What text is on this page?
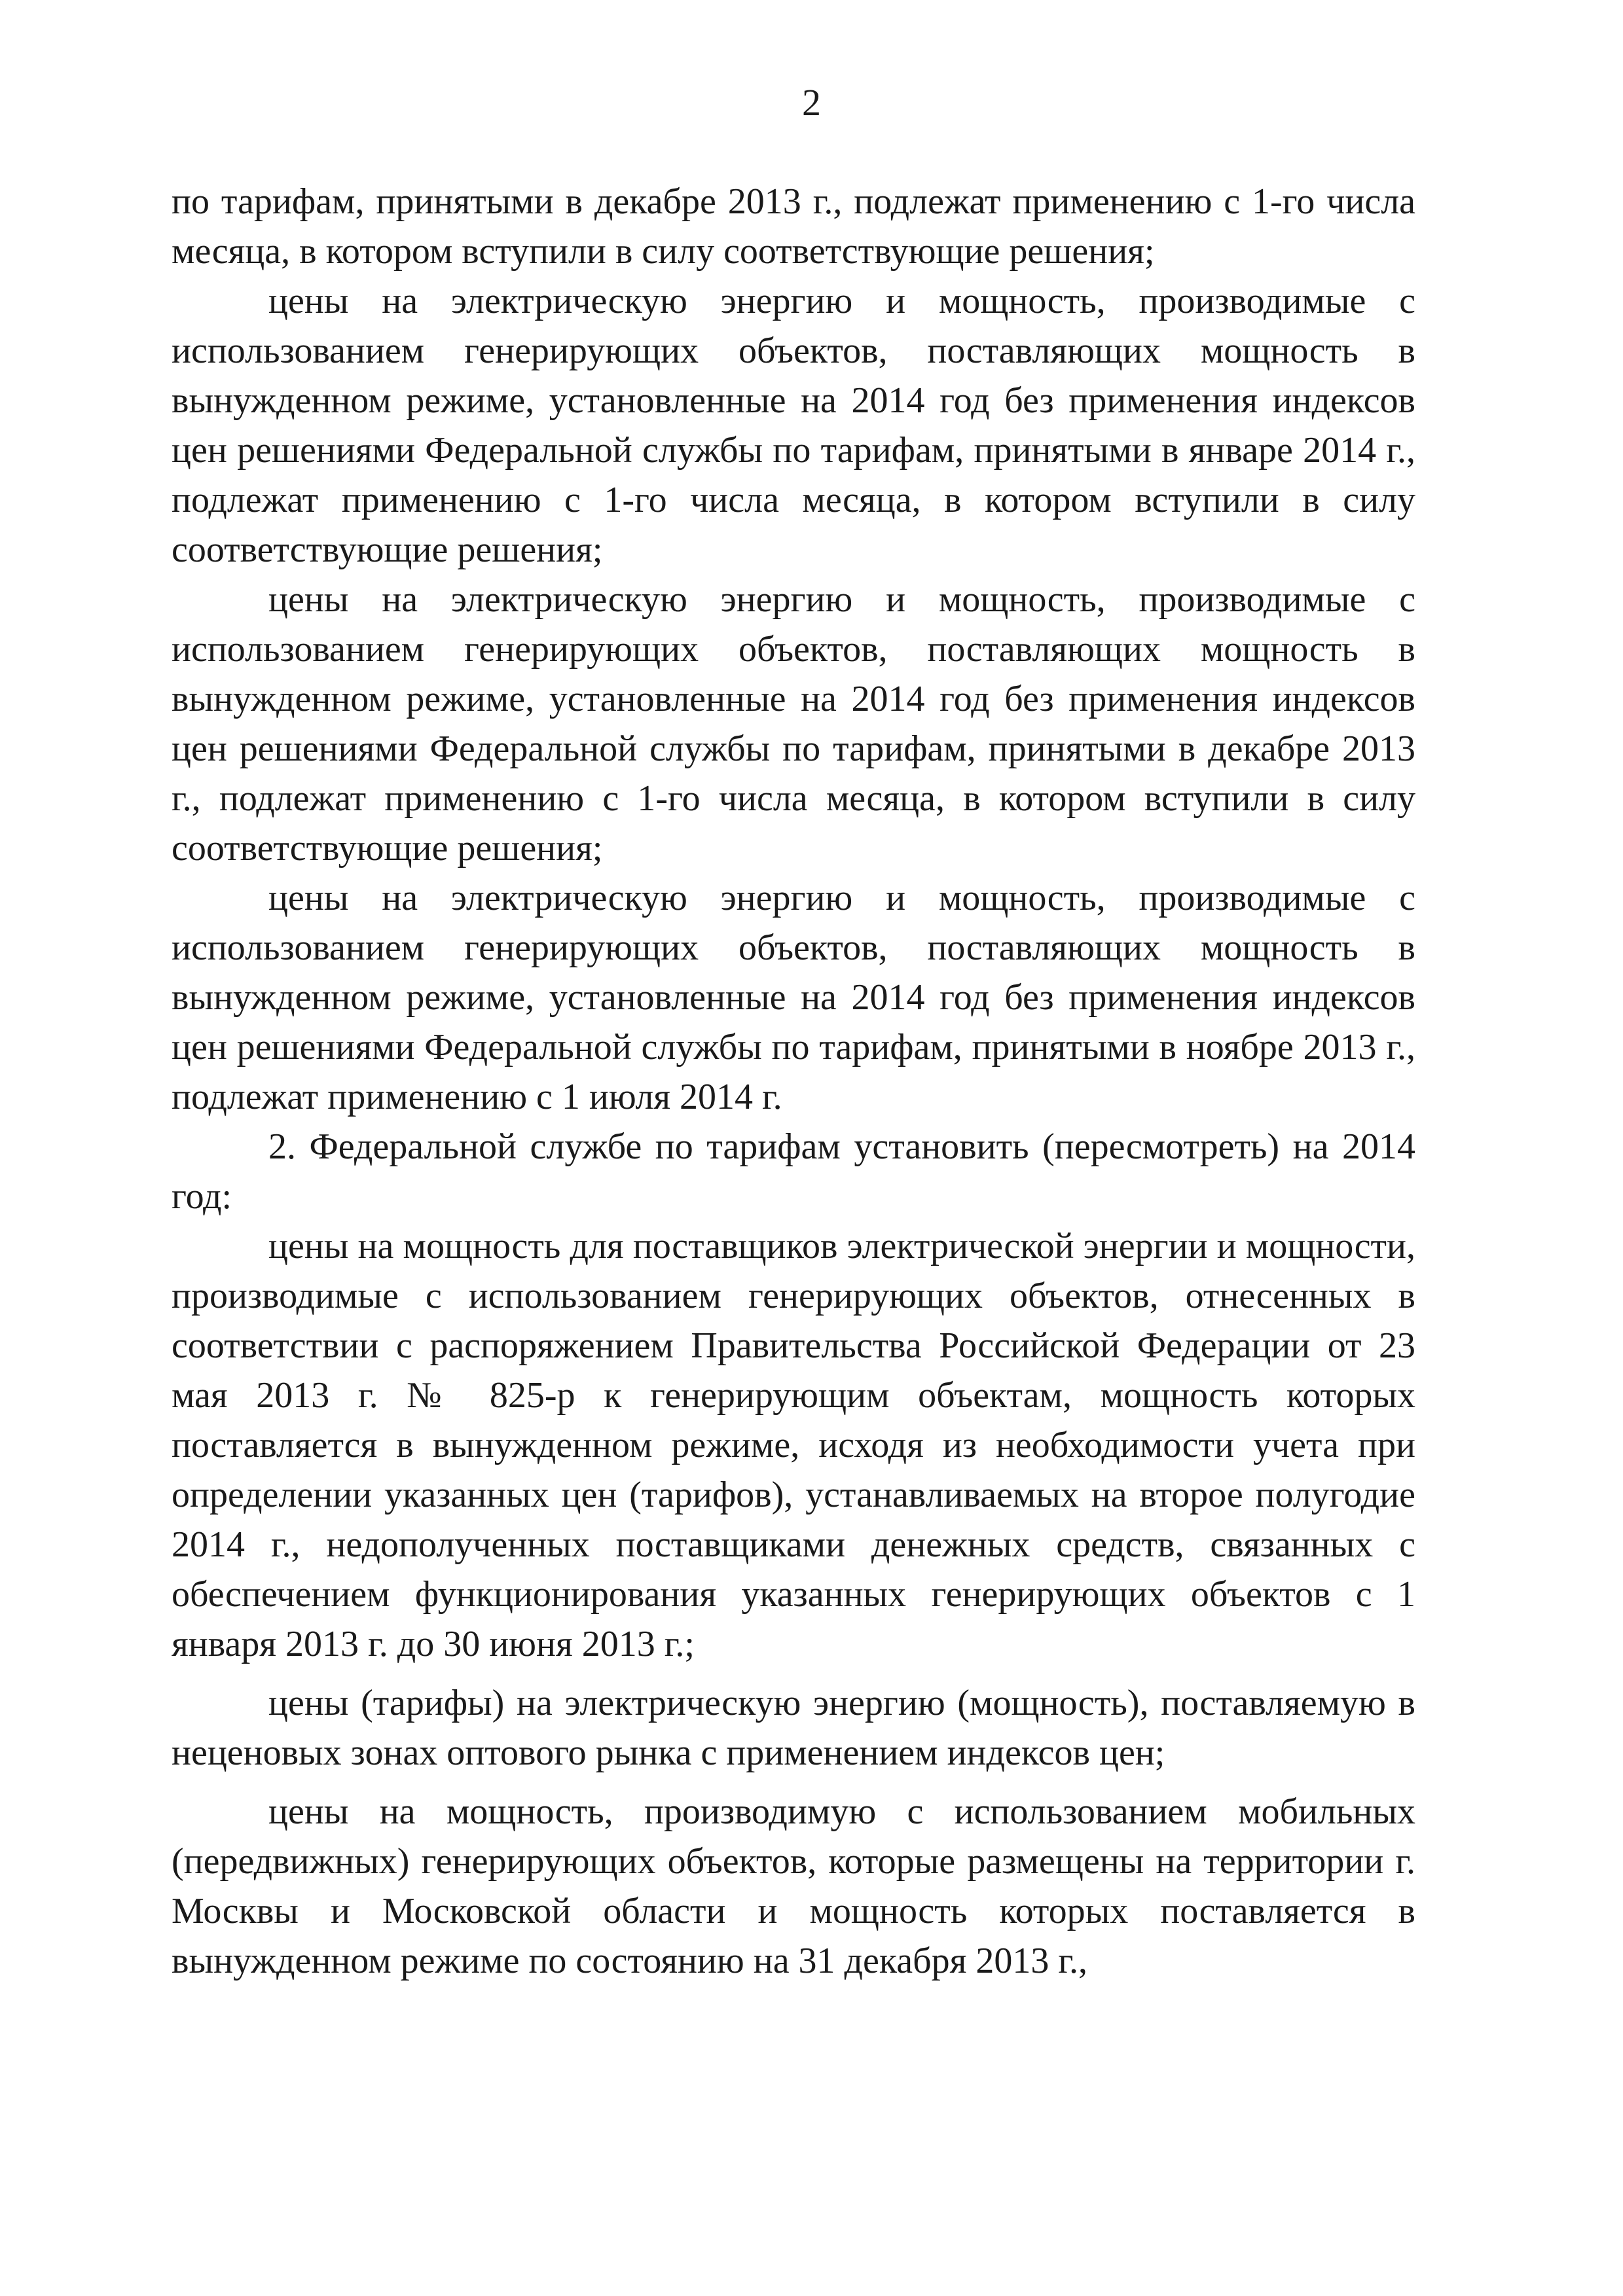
2

по тарифам, принятыми в декабре 2013 г., подлежат применению с 1-го числа месяца, в котором вступили в силу соответствующие решения;

цены на электрическую энергию и мощность, производимые с использованием генерирующих объектов, поставляющих мощность в вынужденном режиме, установленные на 2014 год без применения индексов цен решениями Федеральной службы по тарифам, принятыми в январе 2014 г., подлежат применению с 1-го числа месяца, в котором вступили в силу соответствующие решения;

цены на электрическую энергию и мощность, производимые с использованием генерирующих объектов, поставляющих мощность в вынужденном режиме, установленные на 2014 год без применения индексов цен решениями Федеральной службы по тарифам, принятыми в декабре 2013 г., подлежат применению с 1-го числа месяца, в котором вступили в силу соответствующие решения;

цены на электрическую энергию и мощность, производимые с использованием генерирующих объектов, поставляющих мощность в вынужденном режиме, установленные на 2014 год без применения индексов цен решениями Федеральной службы по тарифам, принятыми в ноябре 2013 г., подлежат применению с 1 июля 2014 г.

2. Федеральной службе по тарифам установить (пересмотреть) на 2014 год:

цены на мощность для поставщиков электрической энергии и мощности, производимые с использованием генерирующих объектов, отнесенных в соответствии с распоряжением Правительства Российской Федерации от 23 мая 2013 г. № 825-р к генерирующим объектам, мощность которых поставляется в вынужденном режиме, исходя из необходимости учета при определении указанных цен (тарифов), устанавливаемых на второе полугодие 2014 г., недополученных поставщиками денежных средств, связанных с обеспечением функционирования указанных генерирующих объектов с 1 января 2013 г. до 30 июня 2013 г.;

цены (тарифы) на электрическую энергию (мощность), поставляемую в неценовых зонах оптового рынка с применением индексов цен;

цены на мощность, производимую с использованием мобильных (передвижных) генерирующих объектов, которые размещены на территории г. Москвы и Московской области и мощность которых поставляется в вынужденном режиме по состоянию на 31 декабря 2013 г.,
